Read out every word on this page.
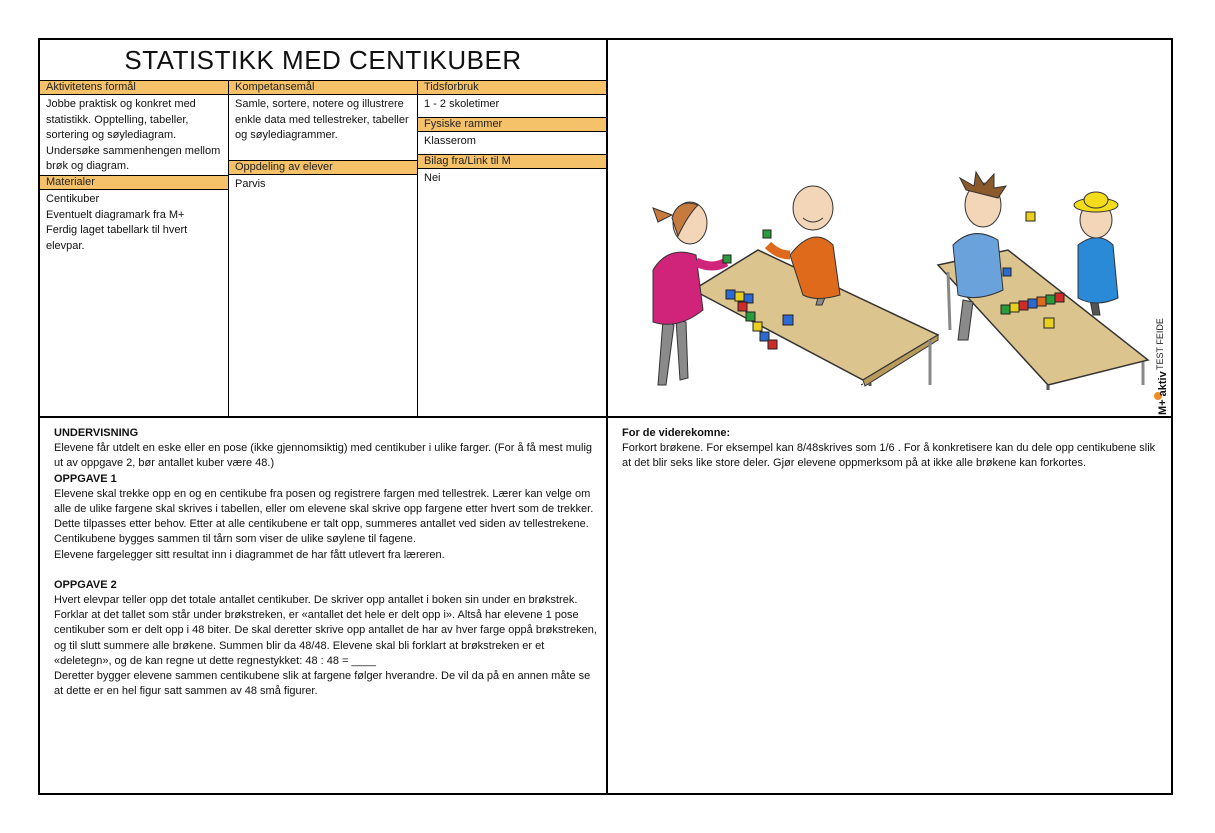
STATISTIKK MED CENTIKUBER
Aktivitetens formål
Jobbe praktisk og konkret med statistikk. Opptelling, tabeller, sortering og søylediagram. Undersøke sammenhengen mellom brøk og diagram.
Materialer
Centikuber
Eventuelt diagramark fra M+
Ferdig laget tabellark til hvert elevpar.
Kompetansemål
Samle, sortere, notere og illustrere enkle data med tellestreker, tabeller og søylediagrammer.
Oppdeling av elever
Parvis
Tidsforbruk
1 - 2 skoletimer
Fysiske rammer
Klasserom
Bilag fra/Link til M
Nei
TEST FEIDE
M+ aktiv

UNDERVISNING

Elevene får utdelt en eske eller en pose (ikke gjennomsiktig) med centikuber i ulike farger. (For å få mest mulig ut av oppgave 2, bør antallet kuber være 48.)

OPPGAVE 1

Elevene skal trekke opp en og en centikube fra posen og registrere fargen med tellestrek. Lærer kan velge om alle de ulike fargene skal skrives i tabellen, eller om elevene skal skrive opp fargene etter hvert som de trekker. Dette tilpasses etter behov. Etter at alle centikubene er talt opp, summeres antallet ved siden av tellestrekene.

Centikubene bygges sammen til tårn som viser de ulike søylene til fagene.

Elevene fargelegger sitt resultat inn i diagrammet de har fått utlevert fra læreren.

OPPGAVE 2

Hvert elevpar teller opp det totale antallet centikuber. De skriver opp antallet i boken sin under en brøkstrek. Forklar at det tallet som står under brøkstreken, er «antallet det hele er delt opp i». Altså har elevene 1 pose centikuber som er delt opp i 48 biter. De skal deretter skrive opp antallet de har av hver farge oppå brøkstreken, og til slutt summere alle brøkene. Summen blir da 48/48. Elevene skal bli forklart at brøkstreken er et «deletegn», og de kan regne ut dette regnestykket: 48 : 48 = ____

Deretter bygger elevene sammen centikubene slik at fargene følger hverandre. De vil da på en annen måte se at dette er en hel figur satt sammen av 48 små figurer.

For de viderekomne:

Forkort brøkene. For eksempel kan 8/48skrives som 1/6 . For å konkretisere kan du dele opp centikubene slik at det blir seks like store deler. Gjør elevene oppmerksom på at ikke alle brøkene kan forkortes.
